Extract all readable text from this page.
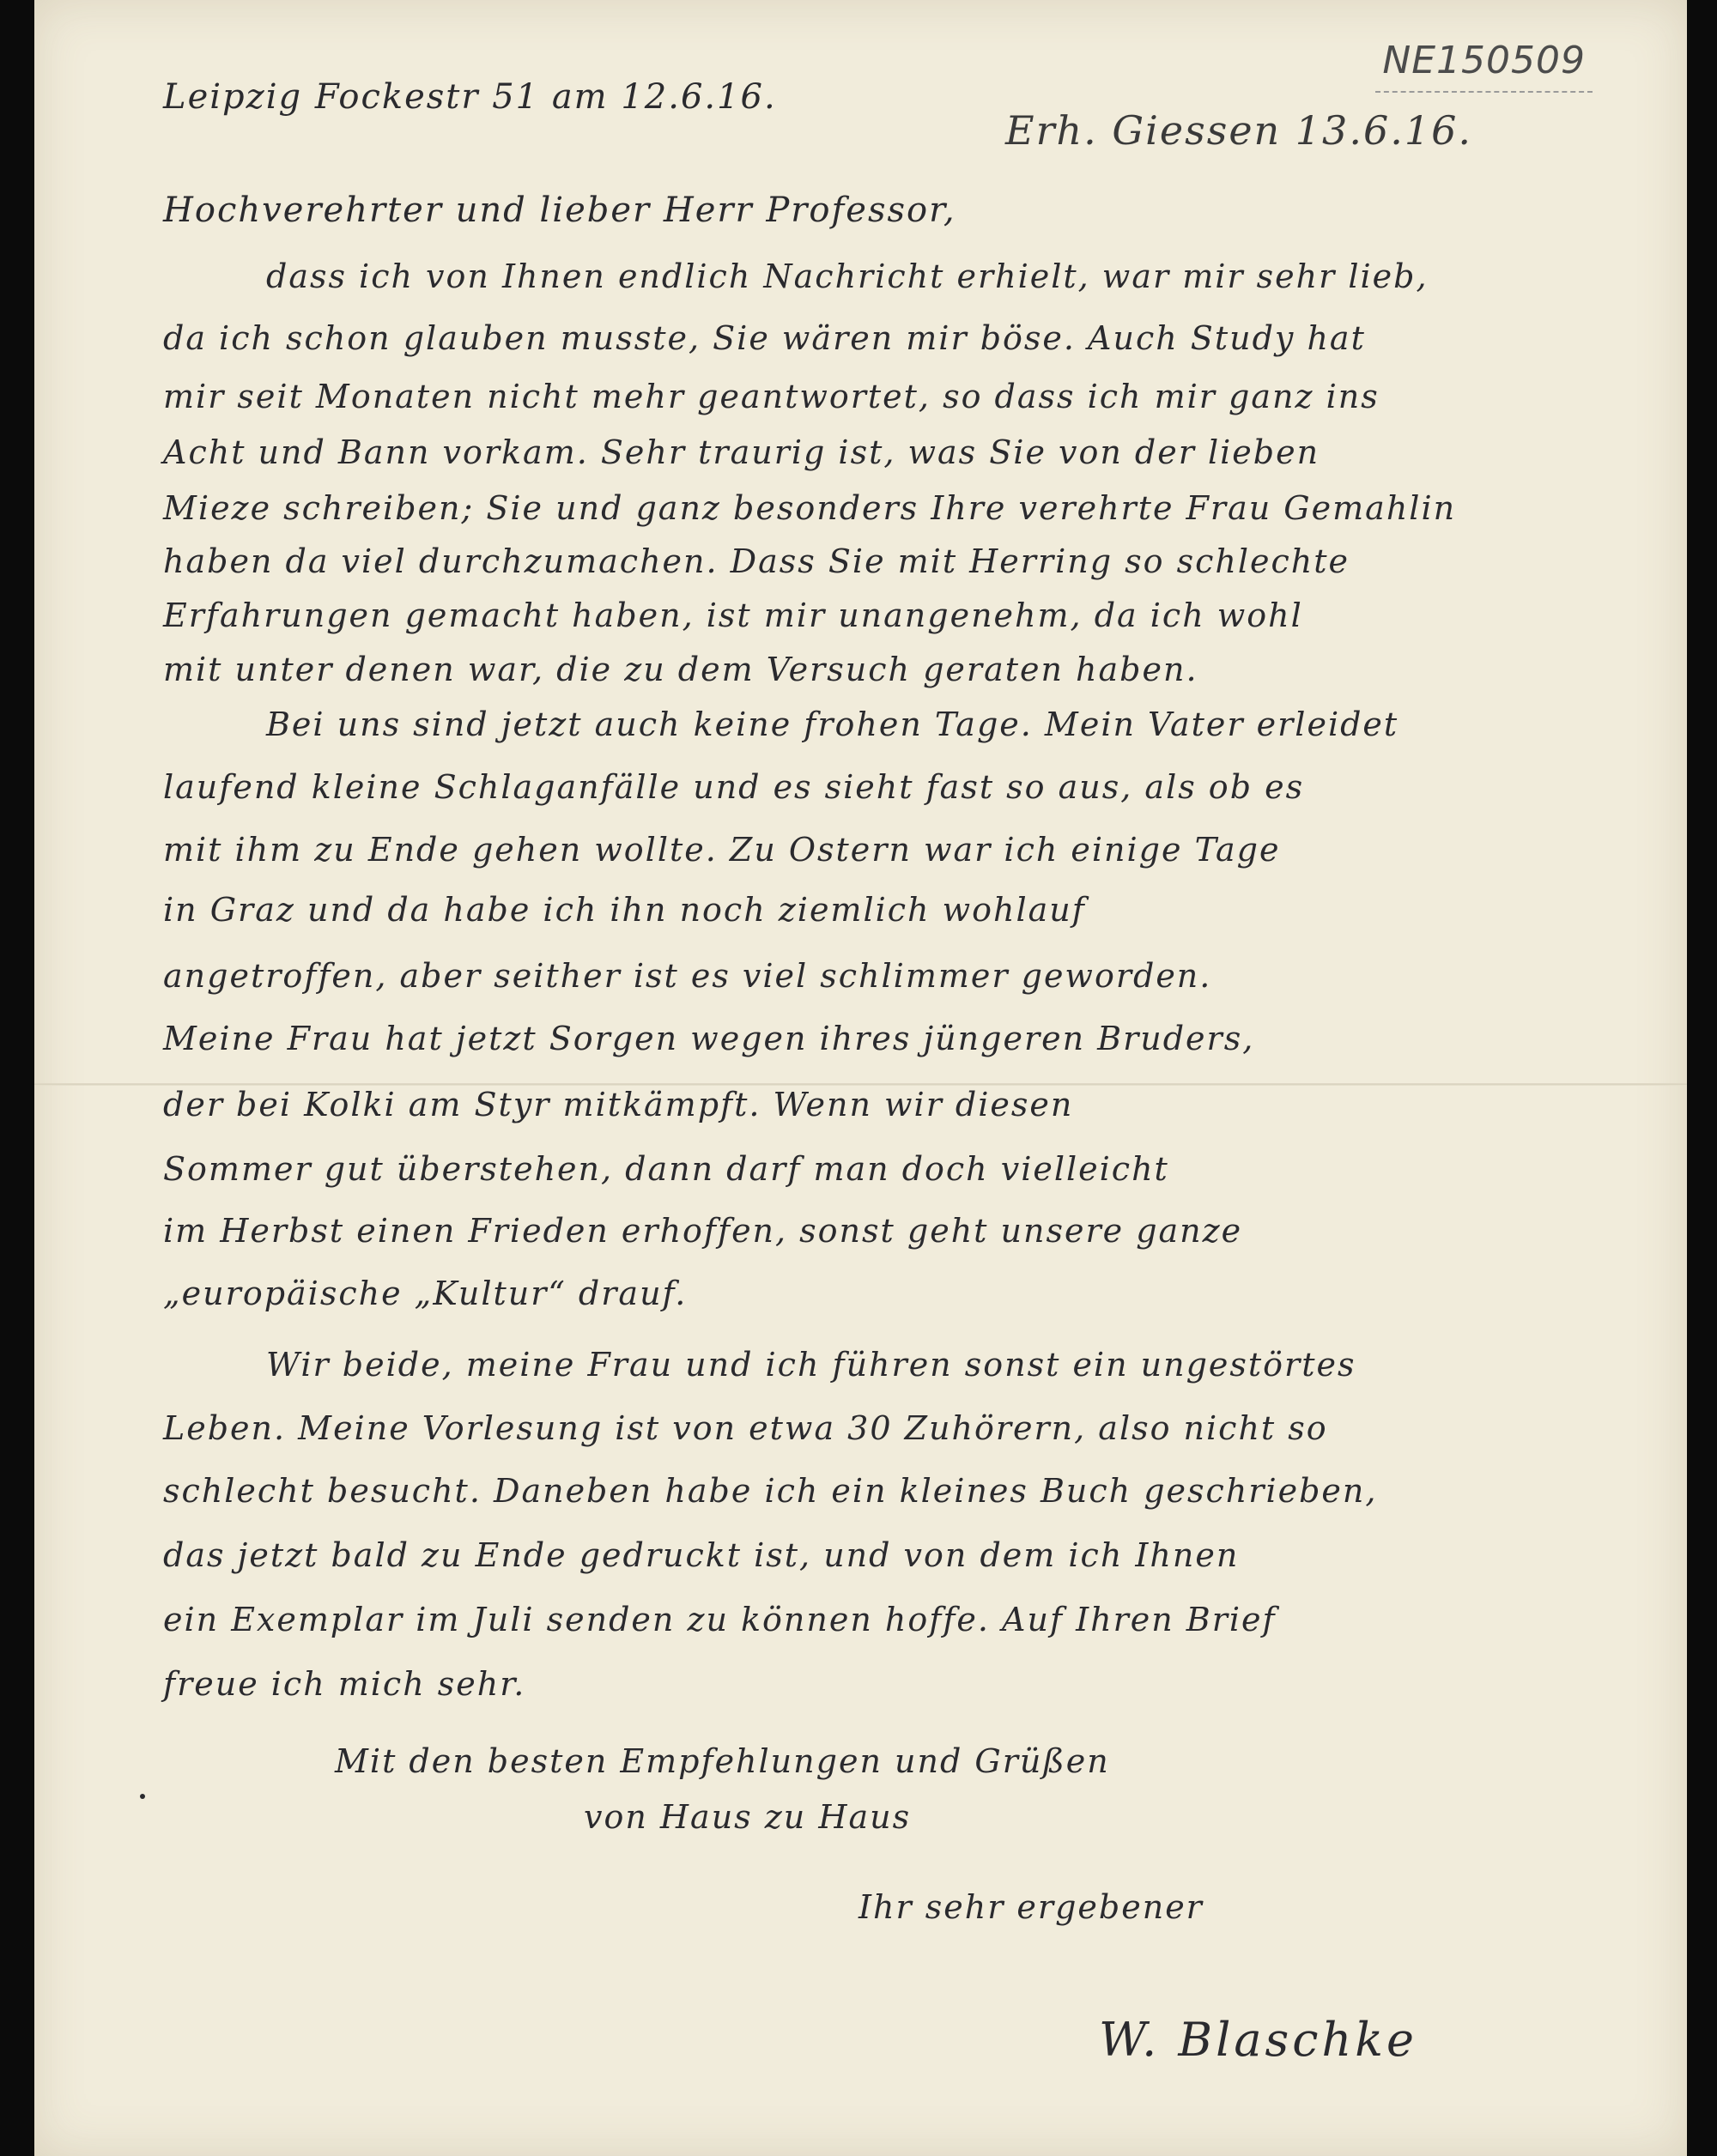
NE150509
Leipzig Fockestr 51 am 12.6.16.
Erh. Giessen 13.6.16.
Hochverehrter und lieber Herr Professor,
dass ich von Ihnen endlich Nachricht erhielt, war mir sehr lieb,
da ich schon glauben musste, Sie wären mir böse. Auch Study hat
mir seit Monaten nicht mehr geantwortet, so dass ich mir ganz ins
Acht und Bann vorkam. Sehr traurig ist, was Sie von der lieben
Mieze schreiben; Sie und ganz besonders Ihre verehrte Frau Gemahlin
haben da viel durchzumachen. Dass Sie mit Herring so schlechte
Erfahrungen gemacht haben, ist mir unangenehm, da ich wohl
mit unter denen war, die zu dem Versuch geraten haben.
Bei uns sind jetzt auch keine frohen Tage. Mein Vater erleidet
laufend kleine Schlaganfälle und es sieht fast so aus, als ob es
mit ihm zu Ende gehen wollte. Zu Ostern war ich einige Tage
in Graz und da habe ich ihn noch ziemlich wohlauf
angetroffen, aber seither ist es viel schlimmer geworden.
Meine Frau hat jetzt Sorgen wegen ihres jüngeren Bruders,
der bei Kolki am Styr mitkämpft. Wenn wir diesen
Sommer gut überstehen, dann darf man doch vielleicht
im Herbst einen Frieden erhoffen, sonst geht unsere ganze
„europäische „Kultur“ drauf.
Wir beide, meine Frau und ich führen sonst ein ungestörtes
Leben. Meine Vorlesung ist von etwa 30 Zuhörern, also nicht so
schlecht besucht. Daneben habe ich ein kleines Buch geschrieben,
das jetzt bald zu Ende gedruckt ist, und von dem ich Ihnen
ein Exemplar im Juli senden zu können hoffe. Auf Ihren Brief
freue ich mich sehr.
Mit den besten Empfehlungen und Grüßen
von Haus zu Haus
Ihr sehr ergebener
W. Blaschke
